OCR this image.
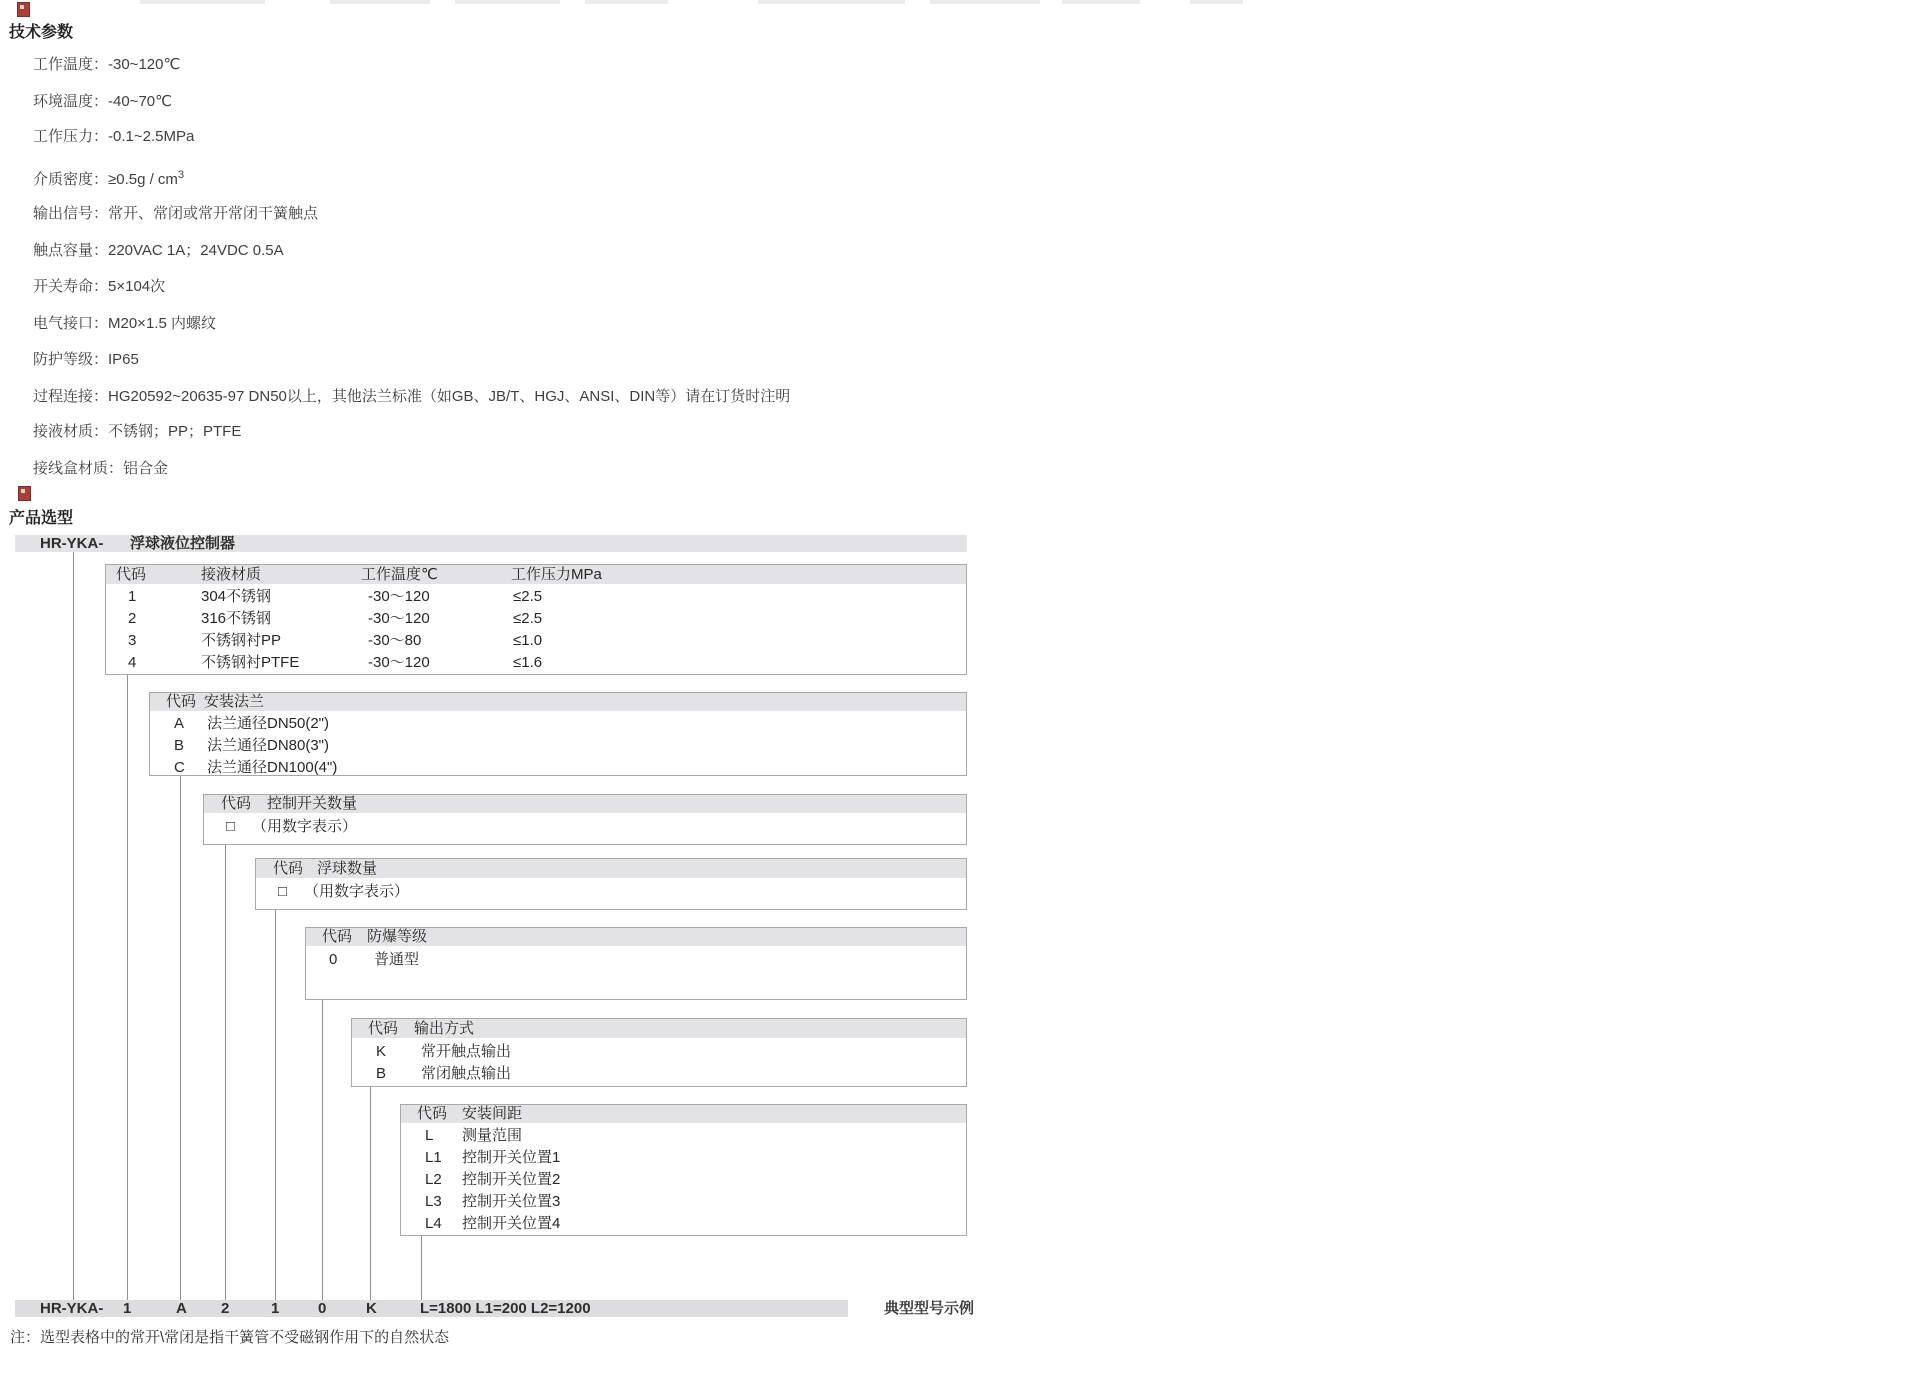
技术参数
工作温度：-30~120℃
环境温度：-40~70℃
工作压力：-0.1~2.5MPa
介质密度：$\ge 0.5g / cm^3$
输出信号：常开、常闭或常开常闭干簧触点
触点容量：220VAC 1A；24VDC 0.5A
开关寿命：5×104次
电气接口：M20×1.5 内螺纹
防护等级：IP65
过程连接：HG20592~20635-97 DN50以上，其他法兰标准（如GB、JB/T、HGJ、ANSI、DIN等）请在订货时注明
接液材质：不锈钢；PP；PTFE
接线盒材质：铝合金
产品选型
HR-YKA- 浮球液位控制器
代码	接液材质	工作温度℃	工作压力MPa
1	304不锈钢	-30～120	≤2.5
2	316不锈钢	-30～120	≤2.5
3	不锈钢衬PP	-30～80	≤1.0
4	不锈钢衬PTFE	-30～120	≤1.6
代码 安装法兰
A 法兰通径DN50(2")
B 法兰通径DN80(3")
C 法兰通径DN100(4")
代码 控制开关数量
□ （用数字表示）
代码 浮球数量
□ （用数字表示）
代码 防爆等级
0 普通型
代码 输出方式
K 常开触点输出
B 常闭触点输出
代码 安装间距
L 测量范围
L1 控制开关位置1
L2 控制开关位置2
L3 控制开关位置3
L4 控制开关位置4
HR-YKA- 1	A 2	1	0	K	L=1800 L1=200 L2=1200	典型型号示例
注：选型表格中的常开\常闭是指干簧管不受磁钢作用下的自然状态
